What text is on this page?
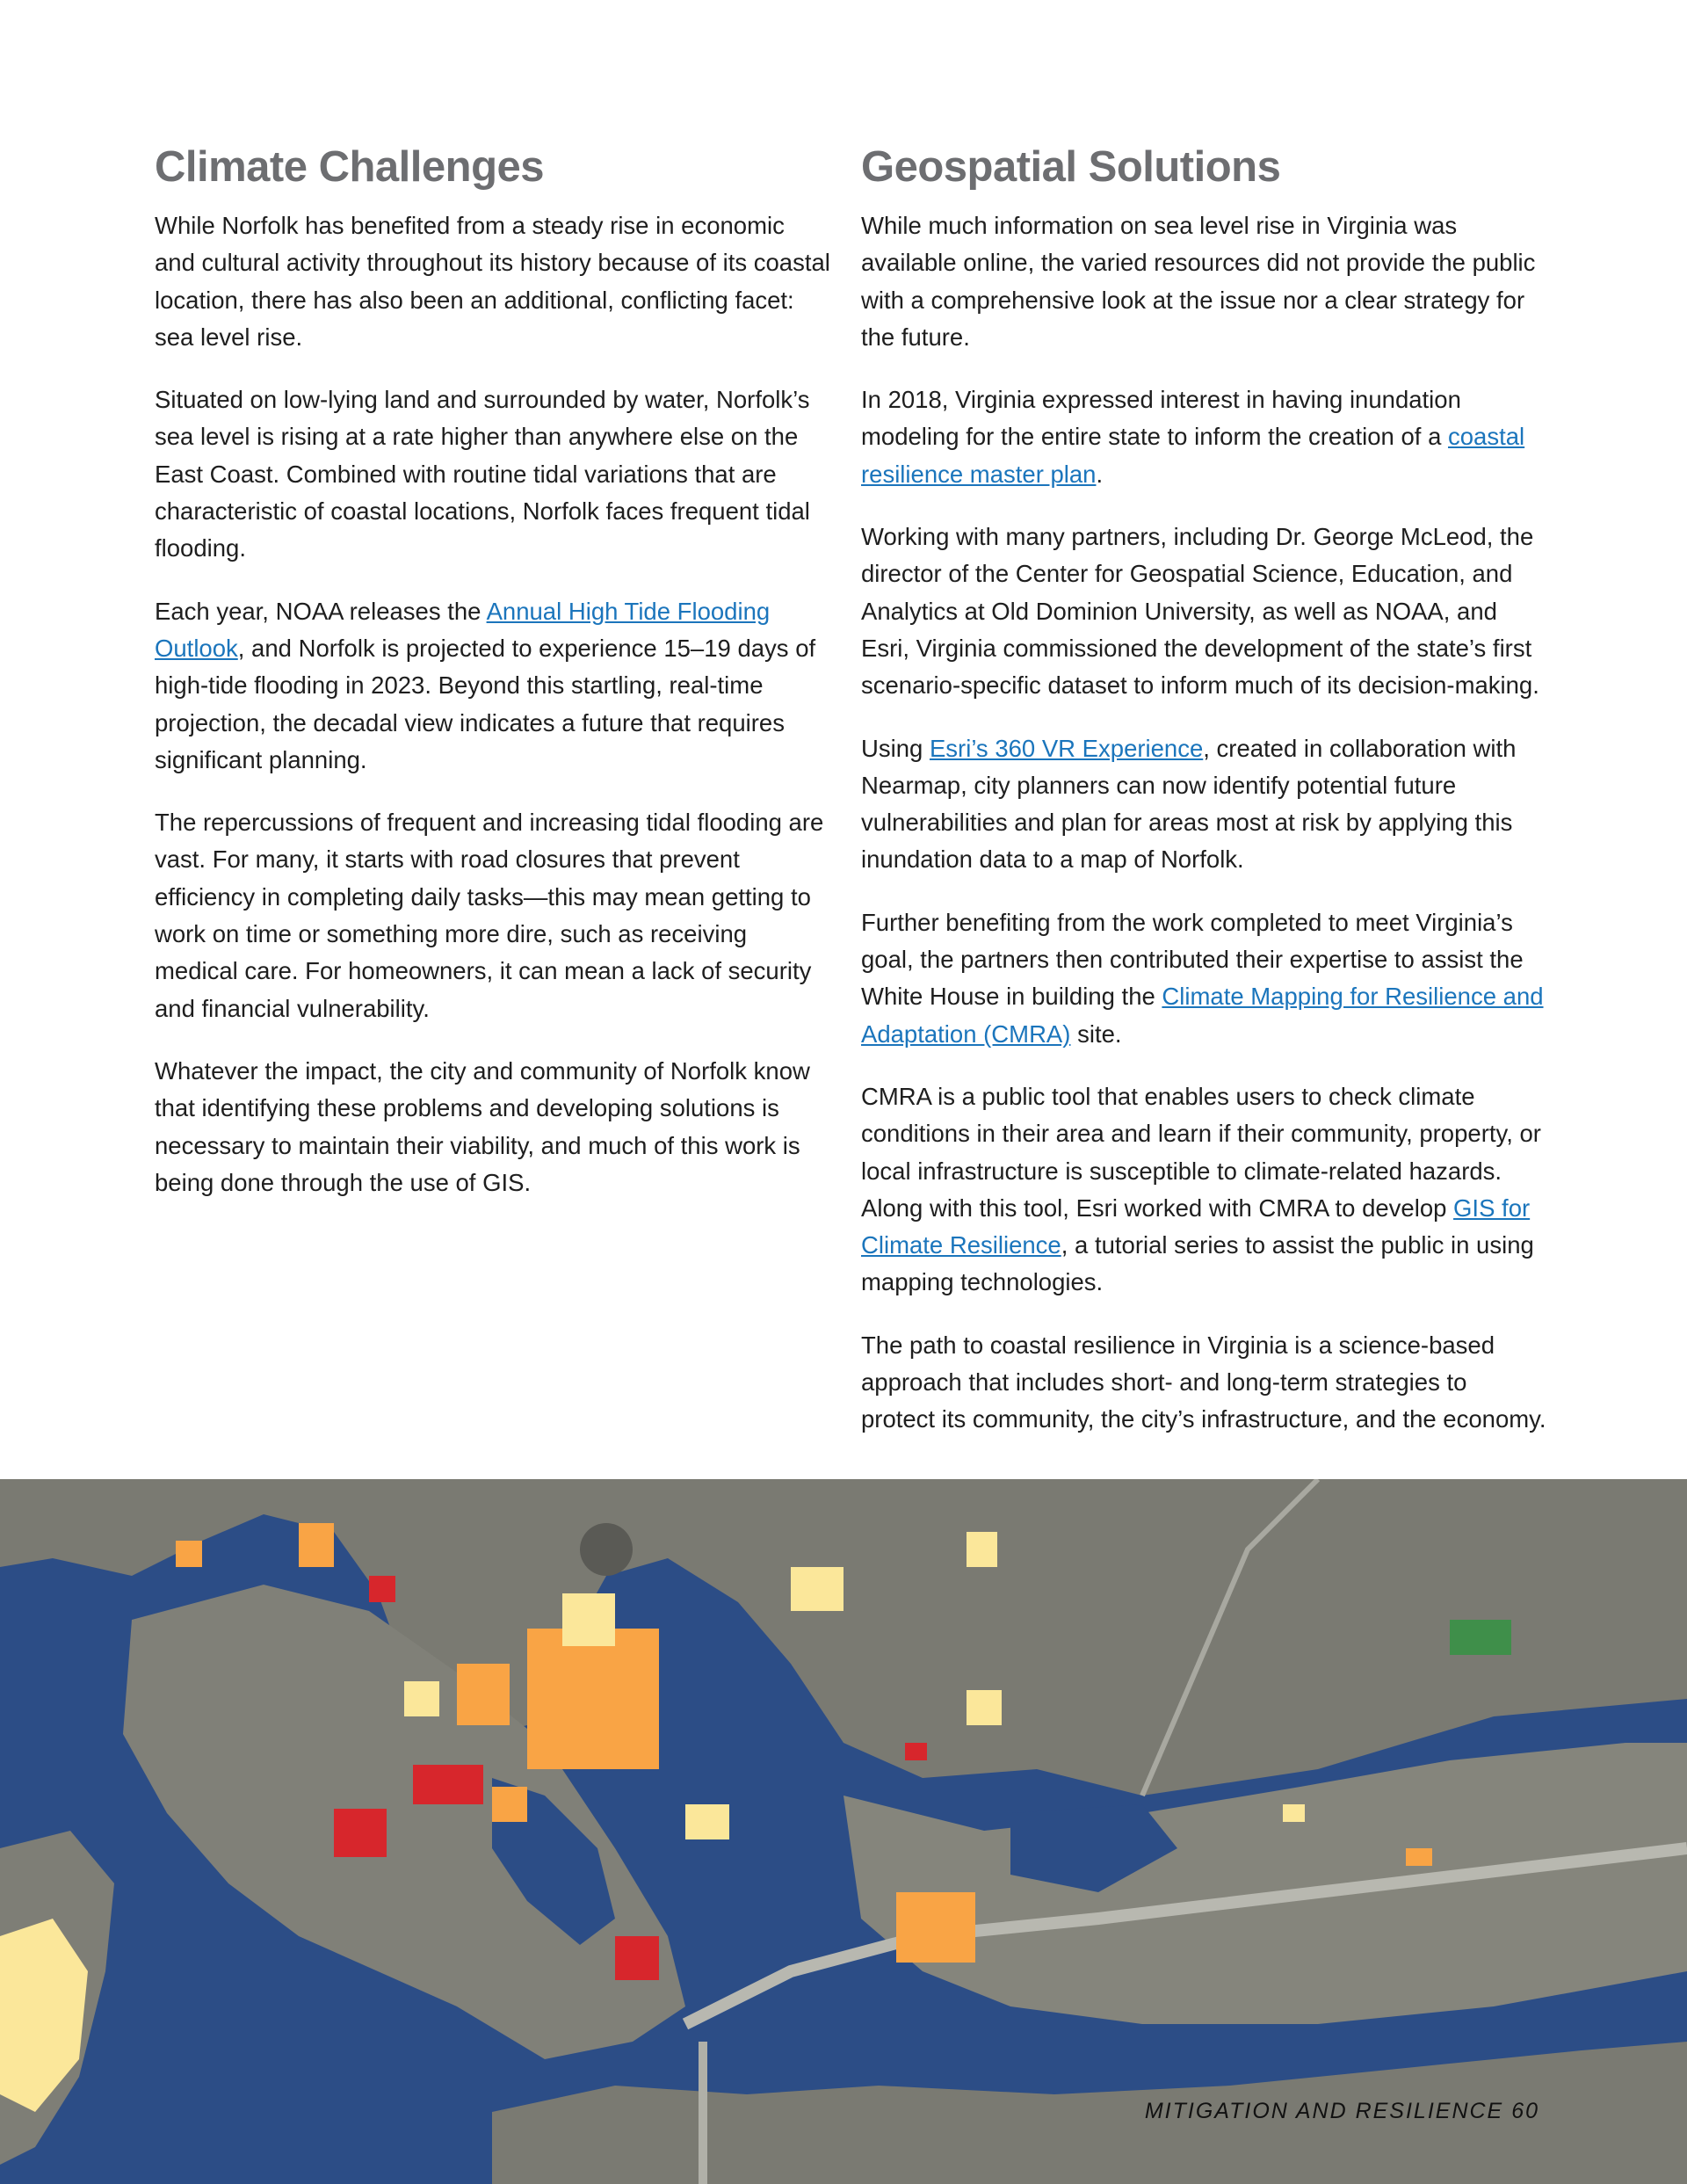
Climate Challenges

While Norfolk has benefited from a steady rise in economic and cultural activity throughout its history because of its coastal location, there has also been an additional, conflicting facet: sea level rise.

Situated on low-lying land and surrounded by water, Norfolk’s sea level is rising at a rate higher than anywhere else on the East Coast. Combined with routine tidal variations that are characteristic of coastal locations, Norfolk faces frequent tidal flooding.

Each year, NOAA releases the Annual High Tide Flooding Outlook, and Norfolk is projected to experience 15–19 days of high-tide flooding in 2023. Beyond this startling, real-time projection, the decadal view indicates a future that requires significant planning.

The repercussions of frequent and increasing tidal flooding are vast. For many, it starts with road closures that prevent efficiency in completing daily tasks—this may mean getting to work on time or something more dire, such as receiving medical care. For homeowners, it can mean a lack of security and financial vulnerability.

Whatever the impact, the city and community of Norfolk know that identifying these problems and developing solutions is necessary to maintain their viability, and much of this work is being done through the use of GIS.

Geospatial Solutions

While much information on sea level rise in Virginia was available online, the varied resources did not provide the public with a comprehensive look at the issue nor a clear strategy for the future.

In 2018, Virginia expressed interest in having inundation modeling for the entire state to inform the creation of a coastal resilience master plan.

Working with many partners, including Dr. George McLeod, the director of the Center for Geospatial Science, Education, and Analytics at Old Dominion University, as well as NOAA, and Esri, Virginia commissioned the development of the state’s first scenario-specific dataset to inform much of its decision-making.

Using Esri’s 360 VR Experience, created in collaboration with Nearmap, city planners can now identify potential future vulnerabilities and plan for areas most at risk by applying this inundation data to a map of Norfolk.

Further benefiting from the work completed to meet Virginia’s goal, the partners then contributed their expertise to assist the White House in building the Climate Mapping for Resilience and Adaptation (CMRA) site.

CMRA is a public tool that enables users to check climate conditions in their area and learn if their community, property, or local infrastructure is susceptible to climate-related hazards. Along with this tool, Esri worked with CMRA to develop GIS for Climate Resilience, a tutorial series to assist the public in using mapping technologies.

The path to coastal resilience in Virginia is a science-based approach that includes short- and long-term strategies to protect its community, the city’s infrastructure, and the economy.

MITIGATION AND RESILIENCE 60
